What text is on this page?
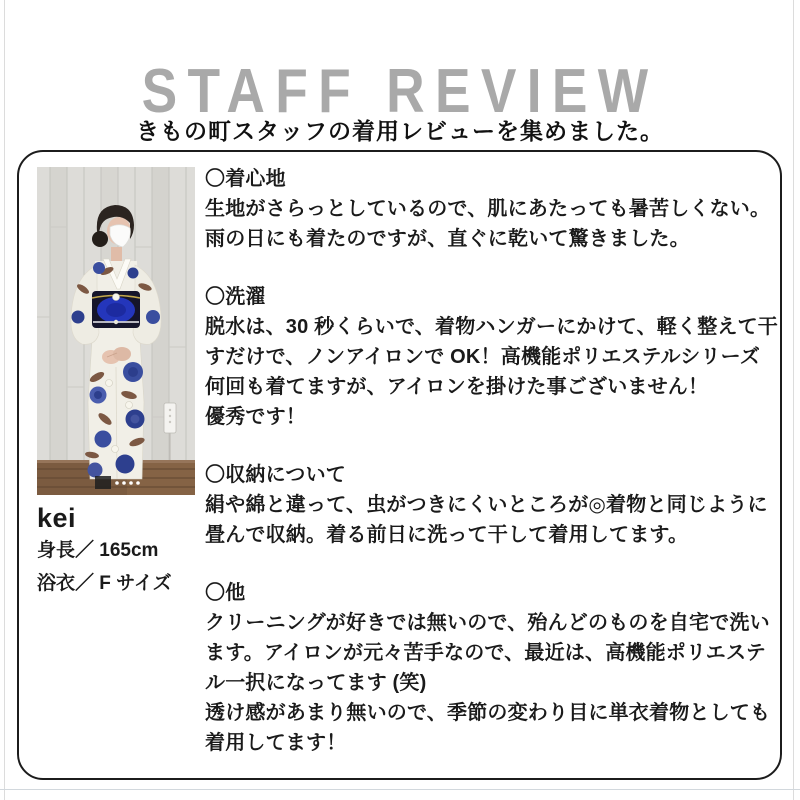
STAFF REVIEW

きもの町スタッフの着用レビューを集めました。

kei
身長／ 165cm
浴衣／ F サイズ
〇着心地
生地がさらっとしているので、肌にあたっても暑苦しくない。
雨の日にも着たのですが、直ぐに乾いて驚きました。
〇洗濯
脱水は、30 秒くらいで、着物ハンガーにかけて、軽く整えて干
すだけで、ノンアイロンで OK！高機能ポリエステルシリーズ
何回も着てますが、アイロンを掛けた事ございません！
優秀です！
〇収納について
絹や綿と違って、虫がつきにくいところが◎着物と同じように
畳んで収納。着る前日に洗って干して着用してます。
〇他
クリーニングが好きでは無いので、殆んどのものを自宅で洗い
ます。アイロンが元々苦手なので、最近は、高機能ポリエステ
ル一択になってます (笑)
透け感があまり無いので、季節の変わり目に単衣着物としても
着用してます！
